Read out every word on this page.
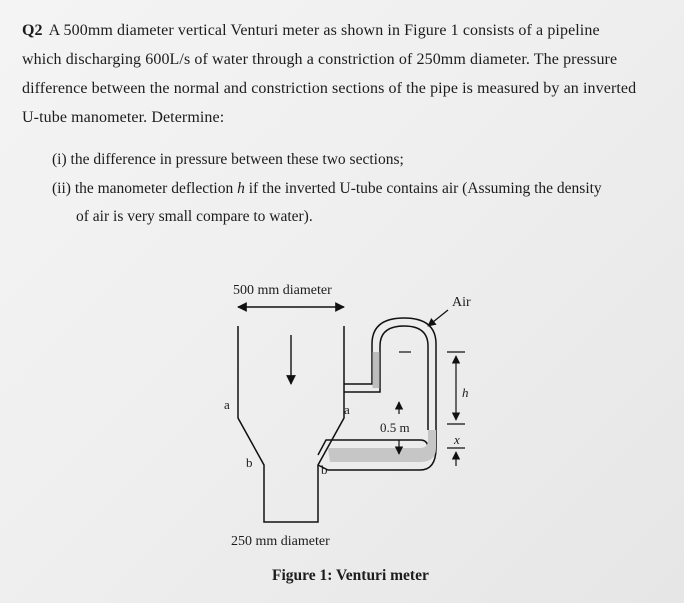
Q2 A 500mm diameter vertical Venturi meter as shown in Figure 1 consists of a pipeline
which discharging 600L/s of water through a constriction of 250mm diameter. The pressure
difference between the normal and constriction sections of the pipe is measured by an inverted
U-tube manometer. Determine:
(i) the difference in pressure between these two sections;
(ii) the manometer deflection h if the inverted U-tube contains air (Assuming the density
of air is very small compare to water).
500 mm diameter
Air
a	a
b	b
0.5 m
h
x
250 mm diameter
Figure 1: Venturi meter
